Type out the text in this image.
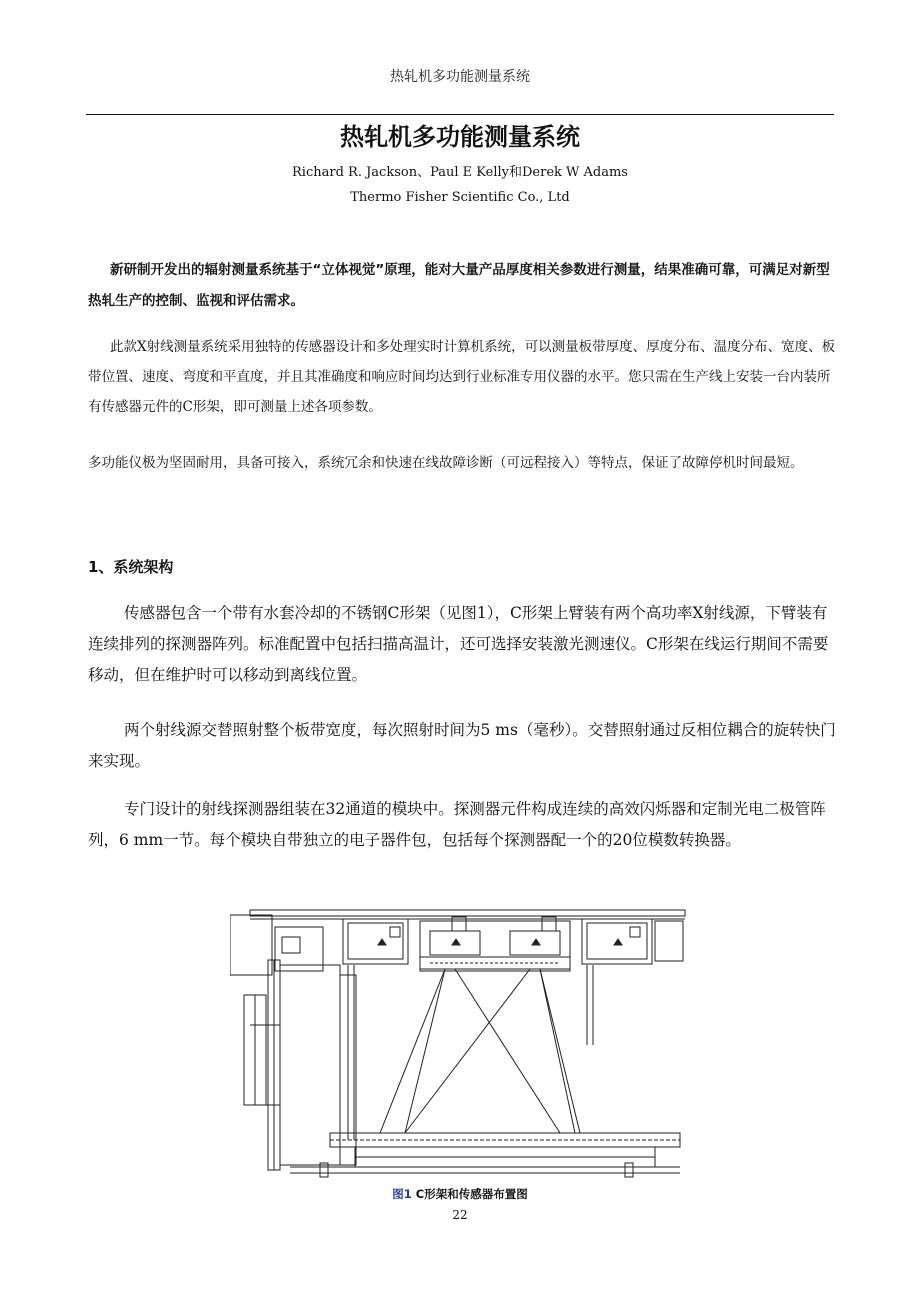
热轧机多功能测量系统
热轧机多功能测量系统
Richard R. Jackson、Paul E Kelly和Derek W Adams
Thermo Fisher Scientific Co., Ltd
新研制开发出的辐射测量系统基于“立体视觉”原理，能对大量产品厚度相关参数进行测量，结果准确可靠，可满足对新型热轧生产的控制、监视和评估需求。
此款X射线测量系统采用独特的传感器设计和多处理实时计算机系统，可以测量板带厚度、厚度分布、温度分布、宽度、板带位置、速度、弯度和平直度，并且其准确度和响应时间均达到行业标准专用仪器的水平。您只需在生产线上安装一台内装所有传感器元件的C形架，即可测量上述各项参数。
多功能仪极为坚固耐用，具备可接入，系统冗余和快速在线故障诊断（可远程接入）等特点，保证了故障停机时间最短。
1、系统架构
传感器包含一个带有水套冷却的不锈钢C形架（见图1），C形架上臂装有两个高功率X射线源，下臂装有连续排列的探测器阵列。标准配置中包括扫描高温计，还可选择安装激光测速仪。C形架在线运行期间不需要移动，但在维护时可以移动到离线位置。
两个射线源交替照射整个板带宽度，每次照射时间为5 ms（毫秒）。交替照射通过反相位耦合的旋转快门来实现。
专门设计的射线探测器组装在32通道的模块中。探测器元件构成连续的高效闪烁器和定制光电二极管阵列，6 mm一节。每个模块自带独立的电子器件包，包括每个探测器配一个的20位模数转换器。
图1 C形架和传感器布置图
22
